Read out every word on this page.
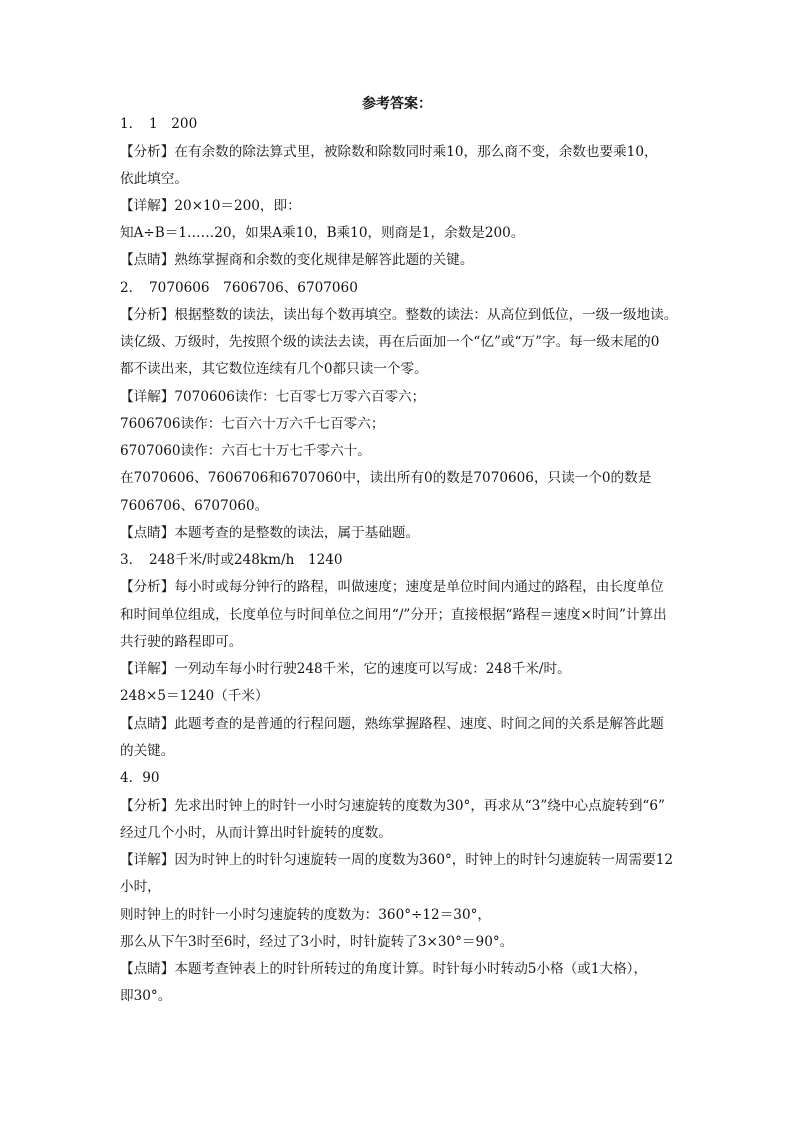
参考答案：
1．　1　200
【分析】在有余数的除法算式里，被除数和除数同时乘10，那么商不变，余数也要乘10，
依此填空。
【详解】20×10＝200，即：
知A÷B＝1……20，如果A乘10，B乘10，则商是1，余数是200。
【点睛】熟练掌握商和余数的变化规律是解答此题的关键。
2．　7070606　7606706、6707060
【分析】根据整数的读法，读出每个数再填空。整数的读法：从高位到低位，一级一级地读。
读亿级、万级时，先按照个级的读法去读，再在后面加一个“亿”或“万”字。每一级末尾的0
都不读出来，其它数位连续有几个0都只读一个零。
【详解】7070606读作：七百零七万零六百零六；
7606706读作：七百六十万六千七百零六；
6707060读作：六百七十万七千零六十。
在7070606、7606706和6707060中，读出所有0的数是7070606，只读一个0的数是
7606706、6707060。
【点睛】本题考查的是整数的读法，属于基础题。
3．　248千米/时或248km/h　1240
【分析】每小时或每分钟行的路程，叫做速度；速度是单位时间内通过的路程，由长度单位
和时间单位组成，长度单位与时间单位之间用“/”分开；直接根据“路程＝速度×时间”计算出
共行驶的路程即可。
【详解】一列动车每小时行驶248千米，它的速度可以写成：248千米/时。
248×5＝1240（千米）
【点睛】此题考查的是普通的行程问题，熟练掌握路程、速度、时间之间的关系是解答此题
的关键。
4．90
【分析】先求出时钟上的时针一小时匀速旋转的度数为30°，再求从“3”绕中心点旋转到“6”
经过几个小时，从而计算出时针旋转的度数。
【详解】因为时钟上的时针匀速旋转一周的度数为360°，时钟上的时针匀速旋转一周需要12
小时，
则时钟上的时针一小时匀速旋转的度数为：360°÷12＝30°，
那么从下午3时至6时，经过了3小时，时针旋转了3×30°＝90°。
【点睛】本题考查钟表上的时针所转过的角度计算。时针每小时转动5小格（或1大格），
即30°。
